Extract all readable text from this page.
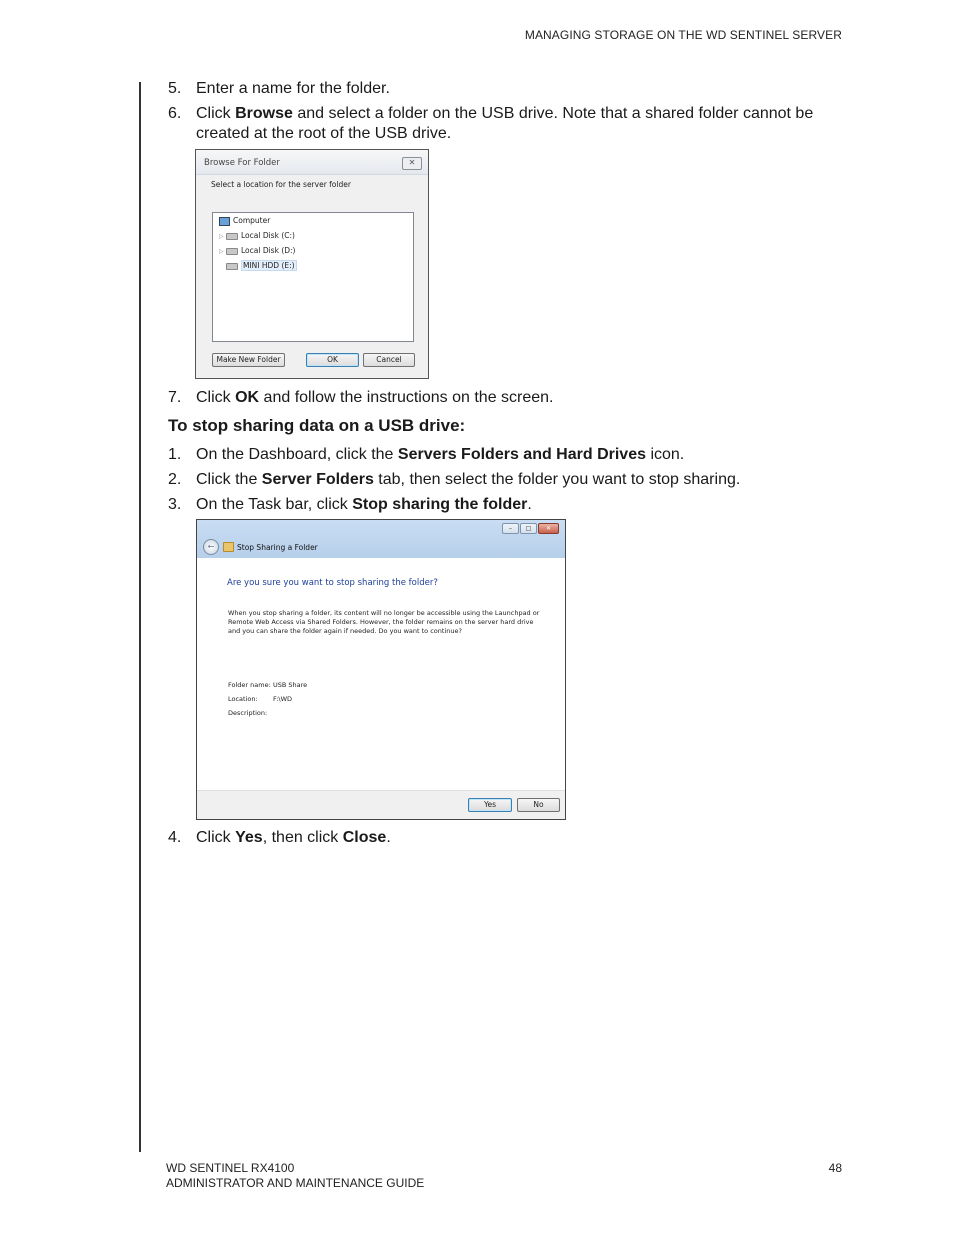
MANAGING STORAGE ON THE WD SENTINEL SERVER
5. Enter a name for the folder.
6. Click Browse and select a folder on the USB drive. Note that a shared folder cannot be created at the root of the USB drive.
7. Click OK and follow the instructions on the screen.
To stop sharing data on a USB drive:
1. On the Dashboard, click the Servers Folders and Hard Drives icon.
2. Click the Server Folders tab, then select the folder you want to stop sharing.
3. On the Task bar, click Stop sharing the folder.
4. Click Yes, then click Close.
Browse For Folder	✕
Select a location for the server folder
Computer
▷ Local Disk (C:)
▷ Local Disk (D:)
MINI HDD (E:)
Make New Folder	OK	Cancel
–	□	✕
←	Stop Sharing a Folder
Are you sure you want to stop sharing the folder?
When you stop sharing a folder, its content will no longer be accessible using the Launchpad or Remote Web Access via Shared Folders. However, the folder remains on the server hard drive and you can share the folder again if needed. Do you want to continue?
Folder name: USB Share
Location: F:\WD
Description:
Yes	No
WD SENTINEL RX4100
ADMINISTRATOR AND MAINTENANCE GUIDE
48
